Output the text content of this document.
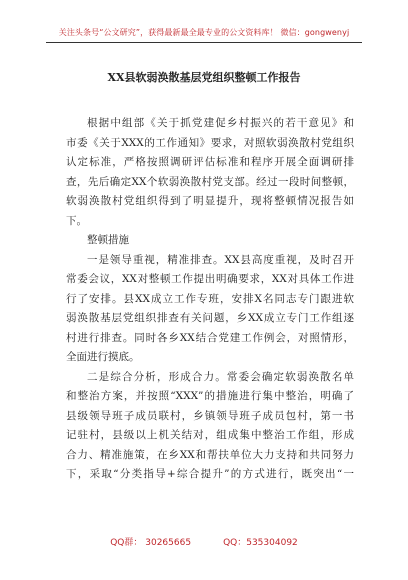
关注头条号“公文研究”，获得最新最全最专业的公文资料库！ 微信：gongwenyj
XX县软弱涣散基层党组织整顿工作报告
根据中组部《关于抓党建促乡村振兴的若干意见》和
市委《关于XXX的工作通知》要求，对照软弱涣散村党组织
认定标准，严格按照调研评估标准和程序开展全面调研排
查，先后确定XX个软弱涣散村党支部。经过一段时间整顿，
软弱涣散村党组织得到了明显提升，现将整顿情况报告如
下。
整顿措施
一是领导重视，精准排查。XX县高度重视，及时召开
常委会议，XX对整顿工作提出明确要求，XX对具体工作进
行了安排。县XX成立工作专班，安排X名同志专门跟进软
弱涣散基层党组织排查有关问题，乡XX成立专门工作组逐
村进行排查。同时各乡XX结合党建工作例会，对照情形，
全面进行摸底。
二是综合分析，形成合力。常委会确定软弱涣散名单
和整治方案，并按照“XXX”的措施进行集中整治，明确了
县级领导班子成员联村，乡镇领导班子成员包村，第一书
记驻村，县级以上机关结对，组成集中整治工作组，形成
合力、精准施策，在乡XX和帮扶单位大力支持和共同努力
下，采取“分类指导+综合提升”的方式进行，既突出“一
QQ群： 30265665	QQ：535304092
